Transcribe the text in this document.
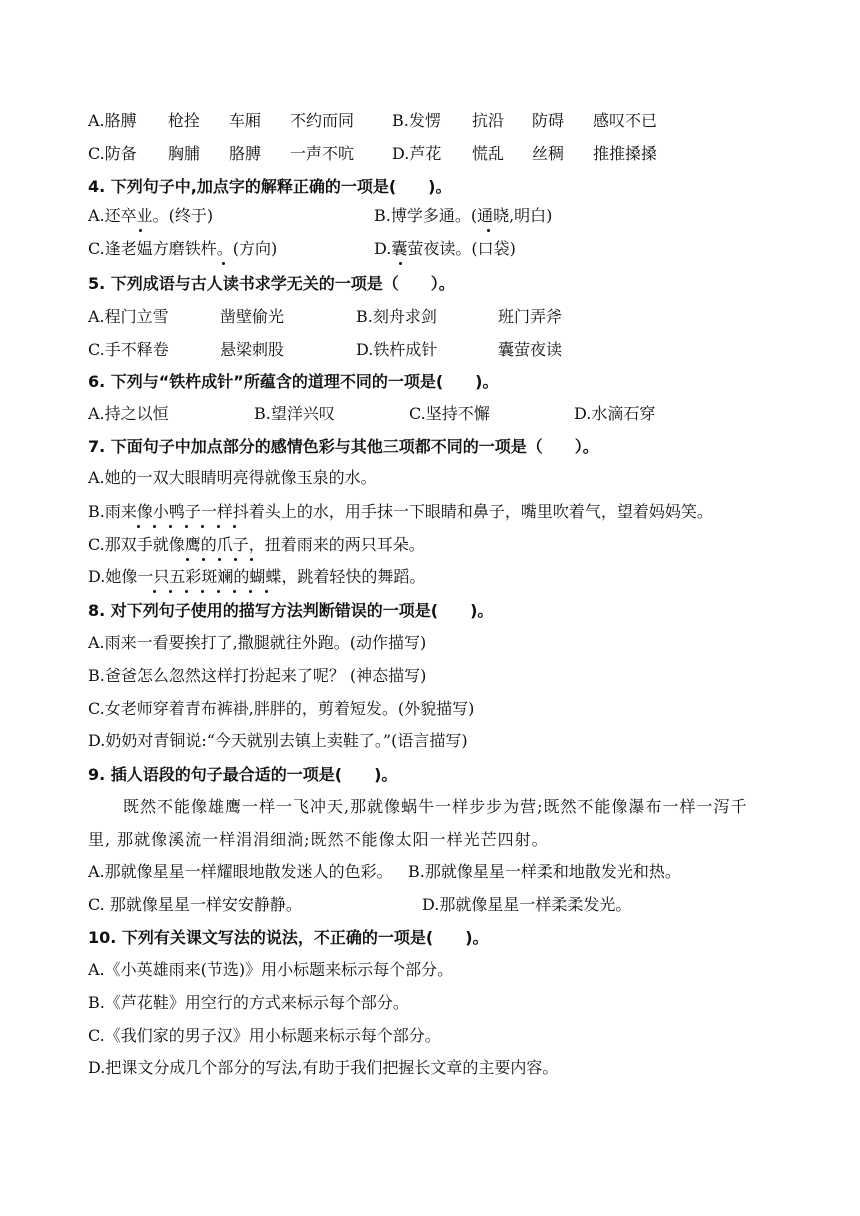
A.胳膊 枪拴 车厢 不约而同 B.发愣 抗沿 防碍 感叹不已
C.防备 胸脯 胳膊 一声不吭 D.芦花 慌乱 丝稠 推推搡搡
4. 下列句子中,加点字的解释正确的一项是(　　)。
A.还卒业。(终于)	B.博学多通。(通晓,明白)
C.逢老媪方磨铁杵。(方向)	D.囊萤夜读。(口袋)
5. 下列成语与古人读书求学无关的一项是（　　）。
A.程门立雪	凿壁偷光	B.刻舟求剑	班门弄斧
C.手不释卷	悬梁刺股	D.铁杵成针	囊萤夜读
6. 下列与“铁杵成针”所蕴含的道理不同的一项是(　　)。
A.持之以恒	B.望洋兴叹	C.坚持不懈	D.水滴石穿
7. 下面句子中加点部分的感情色彩与其他三项都不同的一项是（　　）。
A.她的一双大眼睛明亮得就像玉泉的水。
B.雨来像小鸭子一样抖着头上的水，用手抹一下眼睛和鼻子，嘴里吹着气，望着妈妈笑。
C.那双手就像鹰的爪子，扭着雨来的两只耳朵。
D.她像一只五彩斑斓的蝴蝶，跳着轻快的舞蹈。
8. 对下列句子使用的描写方法判断错误的一项是(　　)。
A.雨来一看要挨打了,撒腿就往外跑。(动作描写)
B.爸爸怎么忽然这样打扮起来了呢？ (神态描写)
C.女老师穿着青布裤褂,胖胖的，剪着短发。(外貌描写)
D.奶奶对青铜说:“今天就别去镇上卖鞋了。”(语言描写)
9. 插人语段的句子最合适的一项是(　　)。
既然不能像雄鹰一样一飞冲天,那就像蜗牛一样步步为营;既然不能像瀑布一样一泻千
里, 那就像溪流一样涓涓细淌;既然不能像太阳一样光芒四射。
A.那就像星星一样耀眼地散发迷人的色彩。 B.那就像星星一样柔和地散发光和热。
C. 那就像星星一样安安静静。	D.那就像星星一样柔柔发光。
10. 下列有关课文写法的说法，不正确的一项是(　　)。
A.《小英雄雨来(节选)》用小标题来标示每个部分。
B.《芦花鞋》用空行的方式来标示每个部分。
C.《我们家的男子汉》用小标题来标示每个部分。
D.把课文分成几个部分的写法,有助于我们把握长文章的主要内容。
